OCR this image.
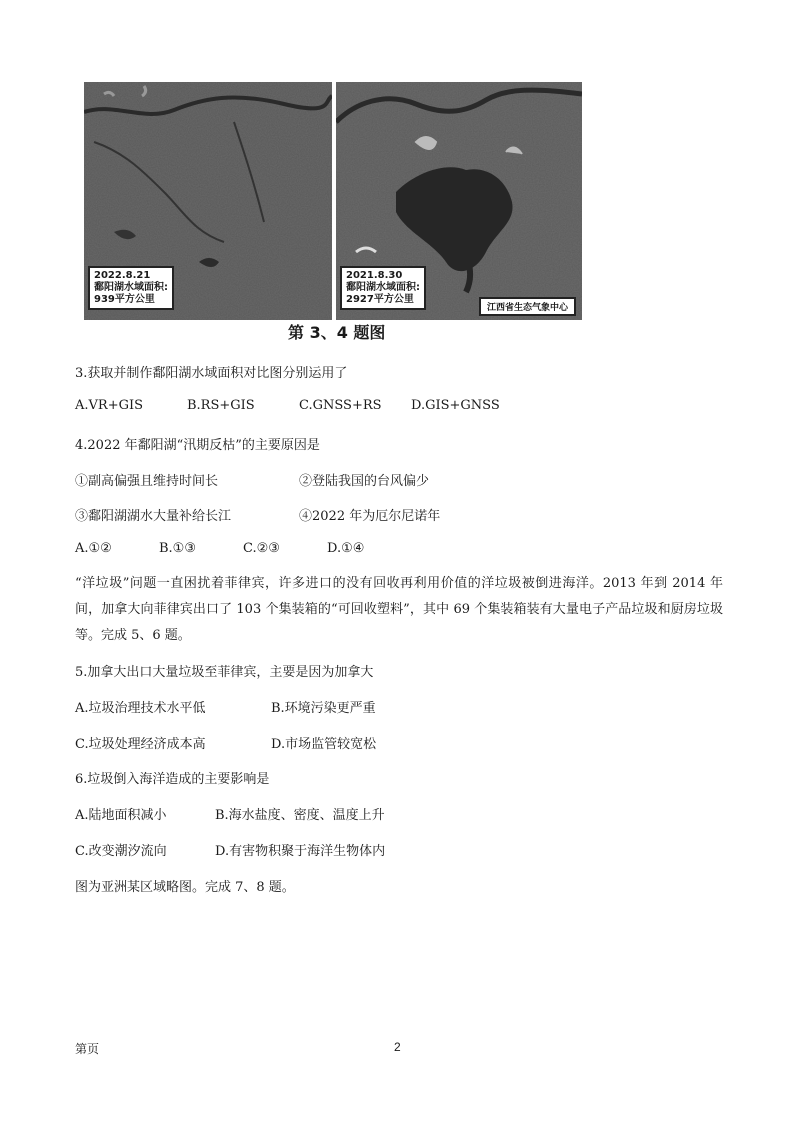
2022.8.21
鄱阳湖水域面积:
939平方公里
2021.8.30
鄱阳湖水域面积:
2927平方公里
江西省生态气象中心
第 3、4 题图
3.获取并制作鄱阳湖水域面积对比图分别运用了
A.VR+GIS	B.RS+GIS	C.GNSS+RS D.GIS+GNSS
4.2022 年鄱阳湖“汛期反枯”的主要原因是
①副高偏强且维持时间长	②登陆我国的台风偏少
③鄱阳湖湖水大量补给长江	④2022 年为厄尔尼诺年
A.①②	B.①③	C.②③	D.①④
“洋垃圾”问题一直困扰着菲律宾，许多进口的没有回收再利用价值的洋垃圾被倒进海洋。2013 年到 2014 年间，加拿大向菲律宾出口了 103 个集装箱的“可回收塑料”，其中 69 个集装箱装有大量电子产品垃圾和厨房垃圾等。完成 5、6 题。
5.加拿大出口大量垃圾至菲律宾，主要是因为加拿大
A.垃圾治理技术水平低	B.环境污染更严重
C.垃圾处理经济成本高	D.市场监管较宽松
6.垃圾倒入海洋造成的主要影响是
A.陆地面积减小	B.海水盐度、密度、温度上升
C.改变潮汐流向	D.有害物积聚于海洋生物体内
图为亚洲某区域略图。完成 7、8 题。
第页	2
